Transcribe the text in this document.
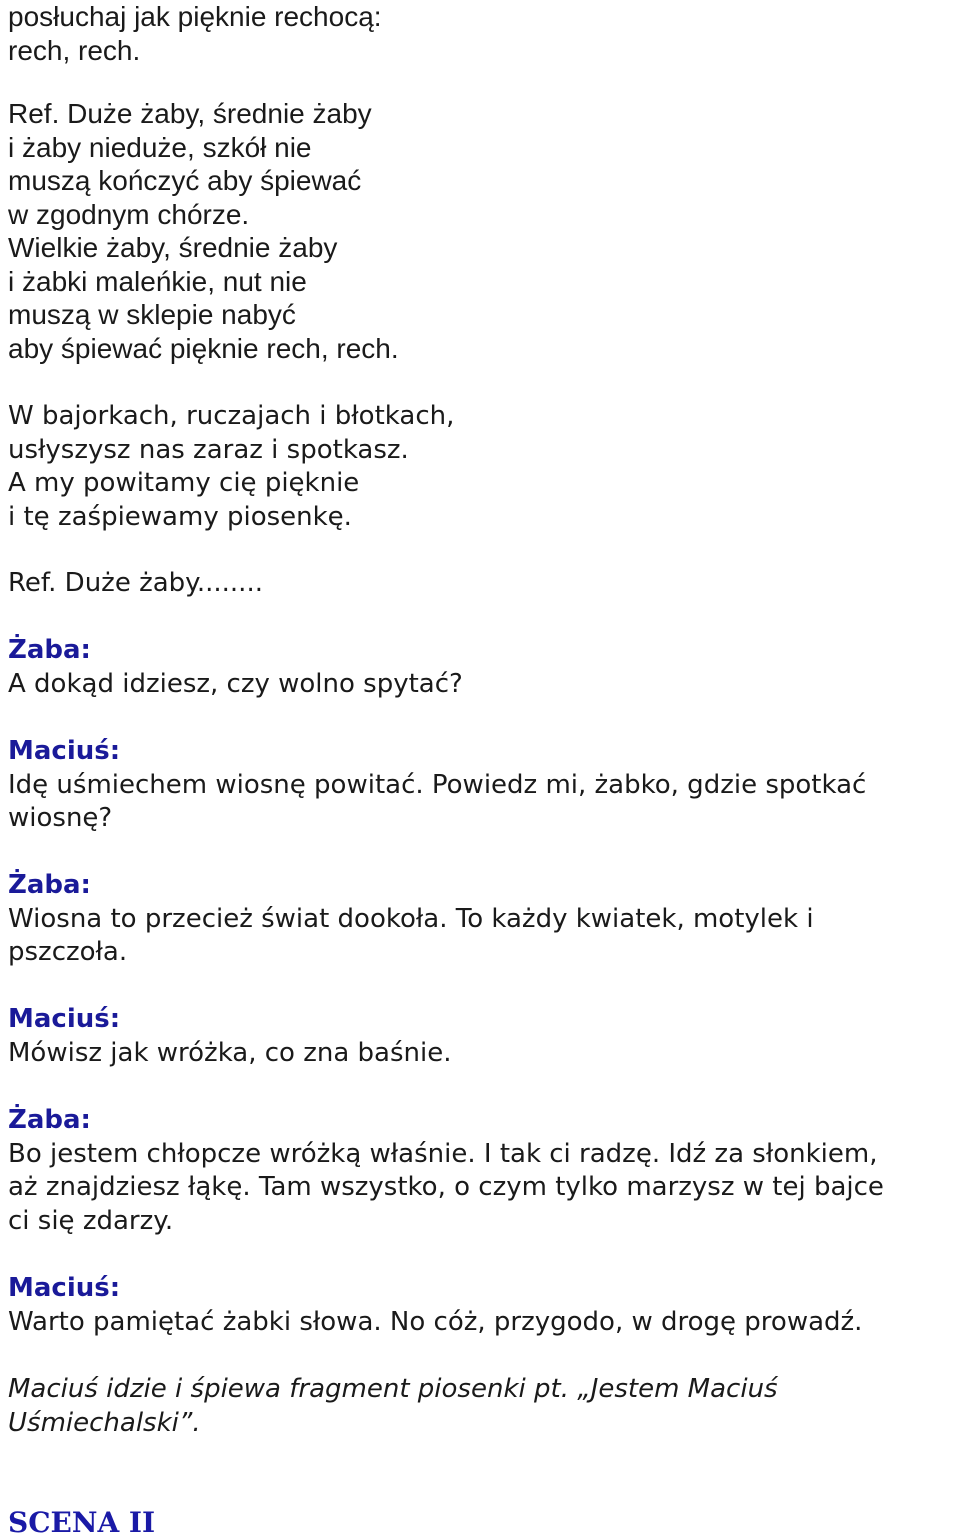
posłuchaj jak pięknie rechocą:
rech, rech.
Ref. Duże żaby, średnie żaby
i żaby nieduże, szkół nie
muszą kończyć aby śpiewać
w zgodnym chórze.
Wielkie żaby, średnie żaby
i żabki maleńkie, nut nie
muszą w sklepie nabyć
aby śpiewać pięknie rech, rech.
W bajorkach, ruczajach i błotkach,
usłyszysz nas zaraz i spotkasz.
A my powitamy cię pięknie
i tę zaśpiewamy piosenkę.
Ref. Duże żaby........
Żaba:
A dokąd idziesz, czy wolno spytać?
Maciuś:
Idę uśmiechem wiosnę powitać. Powiedz mi, żabko, gdzie spotkać
wiosnę?
Żaba:
Wiosna to przecież świat dookoła. To każdy kwiatek, motylek i
pszczoła.
Maciuś:
Mówisz jak wróżka, co zna baśnie.
Żaba:
Bo jestem chłopcze wróżką właśnie. I tak ci radzę. Idź za słonkiem,
aż znajdziesz łąkę. Tam wszystko, o czym tylko marzysz w tej bajce
ci się zdarzy.
Maciuś:
Warto pamiętać żabki słowa. No cóż, przygodo, w drogę prowadź.
Maciuś idzie i śpiewa fragment piosenki pt. „Jestem Maciuś
Uśmiechalski”.
SCENA II
